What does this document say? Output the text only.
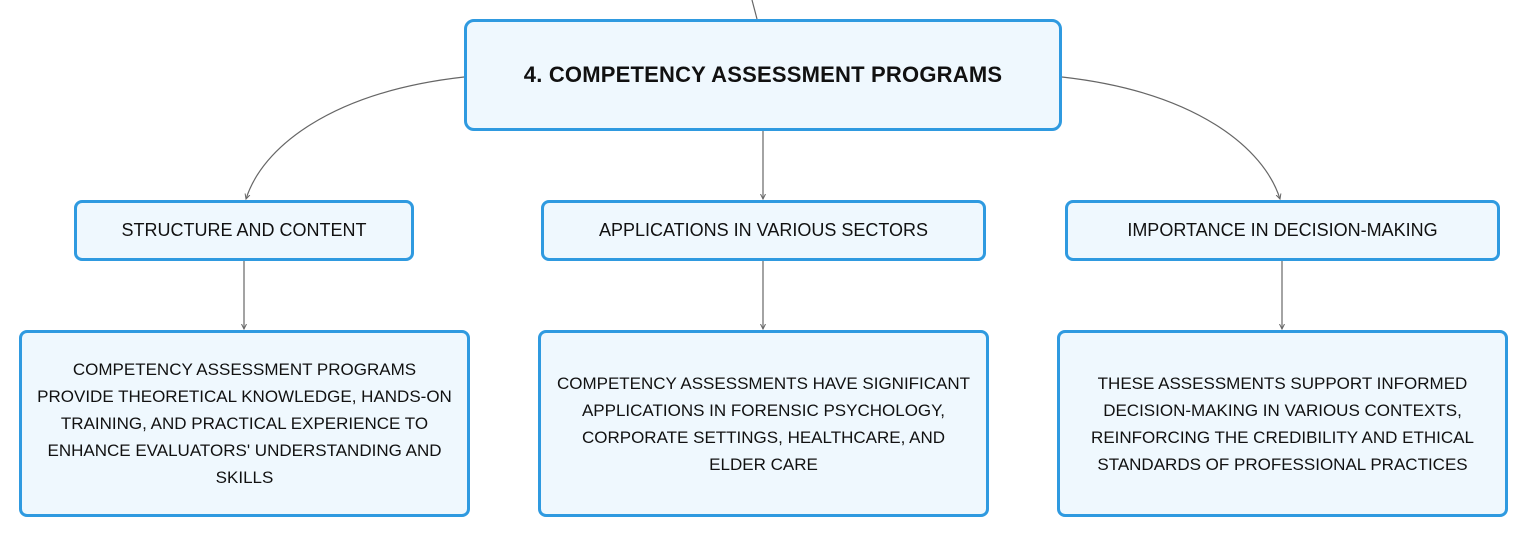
4. COMPETENCY ASSESSMENT PROGRAMS
STRUCTURE AND CONTENT	APPLICATIONS IN VARIOUS SECTORS	IMPORTANCE IN DECISION-MAKING
COMPETENCY ASSESSMENT PROGRAMS PROVIDE THEORETICAL KNOWLEDGE, HANDS-ON TRAINING, AND PRACTICAL EXPERIENCE TO ENHANCE EVALUATORS' UNDERSTANDING AND SKILLS
COMPETENCY ASSESSMENTS HAVE SIGNIFICANT APPLICATIONS IN FORENSIC PSYCHOLOGY, CORPORATE SETTINGS, HEALTHCARE, AND ELDER CARE
THESE ASSESSMENTS SUPPORT INFORMED DECISION-MAKING IN VARIOUS CONTEXTS, REINFORCING THE CREDIBILITY AND ETHICAL STANDARDS OF PROFESSIONAL PRACTICES
